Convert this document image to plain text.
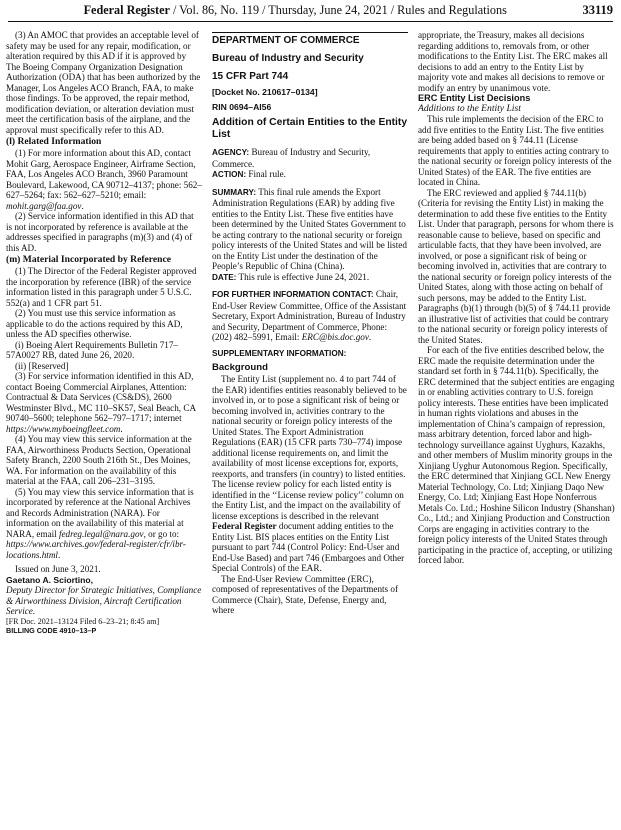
Federal Register / Vol. 86, No. 119 / Thursday, June 24, 2021 / Rules and Regulations	33119

(3) An AMOC that provides an acceptable level of safety may be used for any repair, modification, or alteration required by this AD if it is approved by The Boeing Company Organization Designation Authorization (ODA) that has been authorized by the Manager, Los Angeles ACO Branch, FAA, to make those findings. To be approved, the repair method, modification deviation, or alteration deviation must meet the certification basis of the airplane, and the approval must specifically refer to this AD.

(l) Related Information

(1) For more information about this AD, contact Mohit Garg, Aerospace Engineer, Airframe Section, FAA, Los Angeles ACO Branch, 3960 Paramount Boulevard, Lakewood, CA 90712–4137; phone: 562–627–5264; fax: 562–627–5210; email: mohit.garg@faa.gov.

(2) Service information identified in this AD that is not incorporated by reference is available at the addresses specified in paragraphs (m)(3) and (4) of this AD.

(m) Material Incorporated by Reference

(1) The Director of the Federal Register approved the incorporation by reference (IBR) of the service information listed in this paragraph under 5 U.S.C. 552(a) and 1 CFR part 51.

(2) You must use this service information as applicable to do the actions required by this AD, unless the AD specifies otherwise.

(i) Boeing Alert Requirements Bulletin 717–57A0027 RB, dated June 26, 2020.

(ii) [Reserved]

(3) For service information identified in this AD, contact Boeing Commercial Airplanes, Attention: Contractual & Data Services (CS&DS), 2600 Westminster Blvd., MC 110–SK57, Seal Beach, CA 90740–5600; telephone 562–797–1717; internet https://www.myboeingfleet.com.

(4) You may view this service information at the FAA, Airworthiness Products Section, Operational Safety Branch, 2200 South 216th St., Des Moines, WA. For information on the availability of this material at the FAA, call 206–231–3195.

(5) You may view this service information that is incorporated by reference at the National Archives and Records Administration (NARA). For information on the availability of this material at NARA, email fedreg.legal@nara.gov, or go to: https://www.archives.gov/federal-register/cfr/ibr-locations.html.

Issued on June 3, 2021.

Gaetano A. Sciortino,

Deputy Director for Strategic Initiatives, Compliance & Airworthiness Division, Aircraft Certification Service.

[FR Doc. 2021–13124 Filed 6–23–21; 8:45 am]

BILLING CODE 4910–13–P

DEPARTMENT OF COMMERCE

Bureau of Industry and Security

15 CFR Part 744

[Docket No. 210617–0134]

RIN 0694–AI56

Addition of Certain Entities to the Entity List

AGENCY: Bureau of Industry and Security, Commerce.

ACTION: Final rule.

SUMMARY: This final rule amends the Export Administration Regulations (EAR) by adding five entities to the Entity List. These five entities have been determined by the United States Government to be acting contrary to the national security or foreign policy interests of the United States and will be listed on the Entity List under the destination of the People’s Republic of China (China).

DATE: This rule is effective June 24, 2021.

FOR FURTHER INFORMATION CONTACT: Chair, End-User Review Committee, Office of the Assistant Secretary, Export Administration, Bureau of Industry and Security, Department of Commerce, Phone: (202) 482–5991, Email: ERC@bis.doc.gov.

SUPPLEMENTARY INFORMATION:

Background

The Entity List (supplement no. 4 to part 744 of the EAR) identifies entities reasonably believed to be involved in, or to pose a significant risk of being or becoming involved in, activities contrary to the national security or foreign policy interests of the United States. The Export Administration Regulations (EAR) (15 CFR parts 730–774) impose additional license requirements on, and limit the availability of most license exceptions for, exports, reexports, and transfers (in country) to listed entities. The license review policy for each listed entity is identified in the ‘‘License review policy’’ column on the Entity List, and the impact on the availability of license exceptions is described in the relevant Federal Register document adding entities to the Entity List. BIS places entities on the Entity List pursuant to part 744 (Control Policy: End-User and End-Use Based) and part 746 (Embargoes and Other Special Controls) of the EAR.

The End-User Review Committee (ERC), composed of representatives of the Departments of Commerce (Chair), State, Defense, Energy and, where

appropriate, the Treasury, makes all decisions regarding additions to, removals from, or other modifications to the Entity List. The ERC makes all decisions to add an entry to the Entity List by majority vote and makes all decisions to remove or modify an entry by unanimous vote.

ERC Entity List Decisions

Additions to the Entity List

This rule implements the decision of the ERC to add five entities to the Entity List. The five entities are being added based on § 744.11 (License requirements that apply to entities acting contrary to the national security or foreign policy interests of the United States) of the EAR. The five entities are located in China.

The ERC reviewed and applied § 744.11(b) (Criteria for revising the Entity List) in making the determination to add these five entities to the Entity List. Under that paragraph, persons for whom there is reasonable cause to believe, based on specific and articulable facts, that they have been involved, are involved, or pose a significant risk of being or becoming involved in, activities that are contrary to the national security or foreign policy interests of the United States, along with those acting on behalf of such persons, may be added to the Entity List. Paragraphs (b)(1) through (b)(5) of § 744.11 provide an illustrative list of activities that could be contrary to the national security or foreign policy interests of the United States.

For each of the five entities described below, the ERC made the requisite determination under the standard set forth in § 744.11(b). Specifically, the ERC determined that the subject entities are engaging in or enabling activities contrary to U.S. foreign policy interests. These entities have been implicated in human rights violations and abuses in the implementation of China’s campaign of repression, mass arbitrary detention, forced labor and high-technology surveillance against Uyghurs, Kazakhs, and other members of Muslim minority groups in the Xinjiang Uyghur Autonomous Region. Specifically, the ERC determined that Xinjiang GCL New Energy Material Technology, Co. Ltd; Xinjiang Daqo New Energy, Co. Ltd; Xinjiang East Hope Nonferrous Metals Co. Ltd.; Hoshine Silicon Industry (Shanshan) Co., Ltd.; and Xinjiang Production and Construction Corps are engaging in activities contrary to the foreign policy interests of the United States through participating in the practice of, accepting, or utilizing forced labor.
